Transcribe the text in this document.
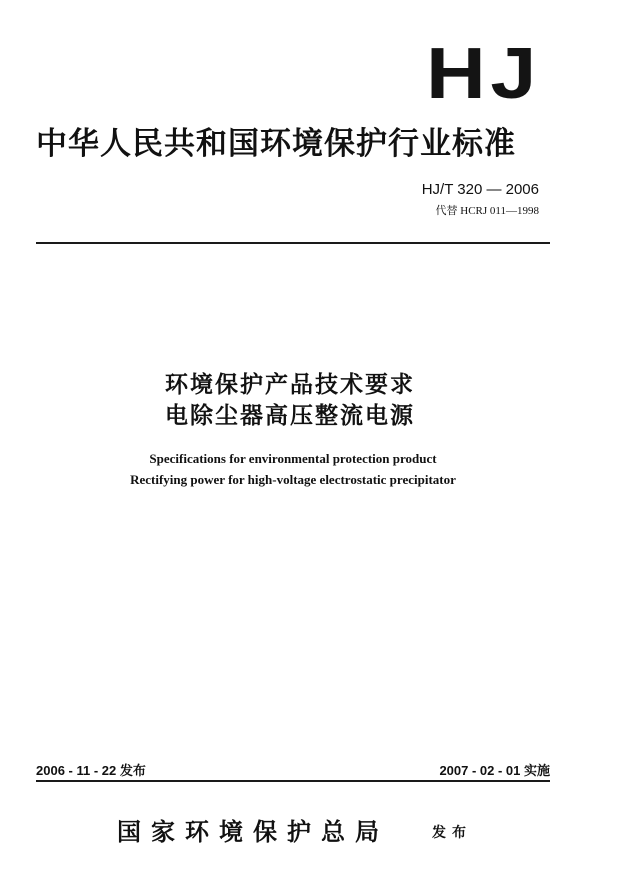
HJ
中华人民共和国环境保护行业标准
HJ/T 320 — 2006
代替 HCRJ 011—1998
环境保护产品技术要求
电除尘器高压整流电源
Specifications for environmental protection product
Rectifying power for high-voltage electrostatic precipitator
2006 - 11 - 22 发布	2007 - 02 - 01 实施
国家环境保护总局	发布
